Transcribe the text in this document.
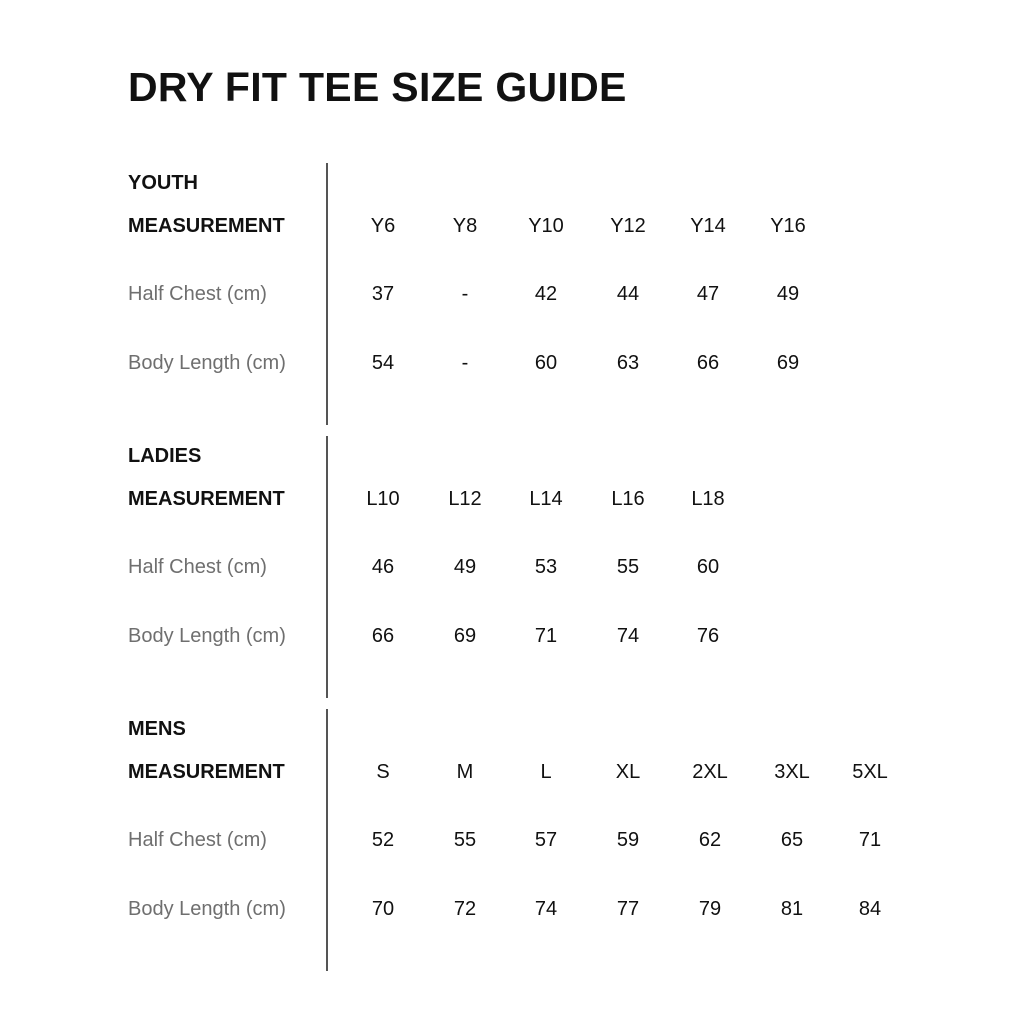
DRY FIT TEE SIZE GUIDE
YOUTH
MEASUREMENT	Y6	Y8	Y10	Y12	Y14	Y16
Half Chest (cm)	37	-	42	44	47	49
Body Length (cm)	54	-	60	63	66	69
LADIES
MEASUREMENT	L10	L12	L14	L16	L18
Half Chest (cm)	46	49	53	55	60
Body Length (cm)	66	69	71	74	76
MENS
MEASUREMENT	S	M	L	XL	2XL	3XL	5XL
Half Chest (cm)	52	55	57	59	62	65	71
Body Length (cm)	70	72	74	77	79	81	84
